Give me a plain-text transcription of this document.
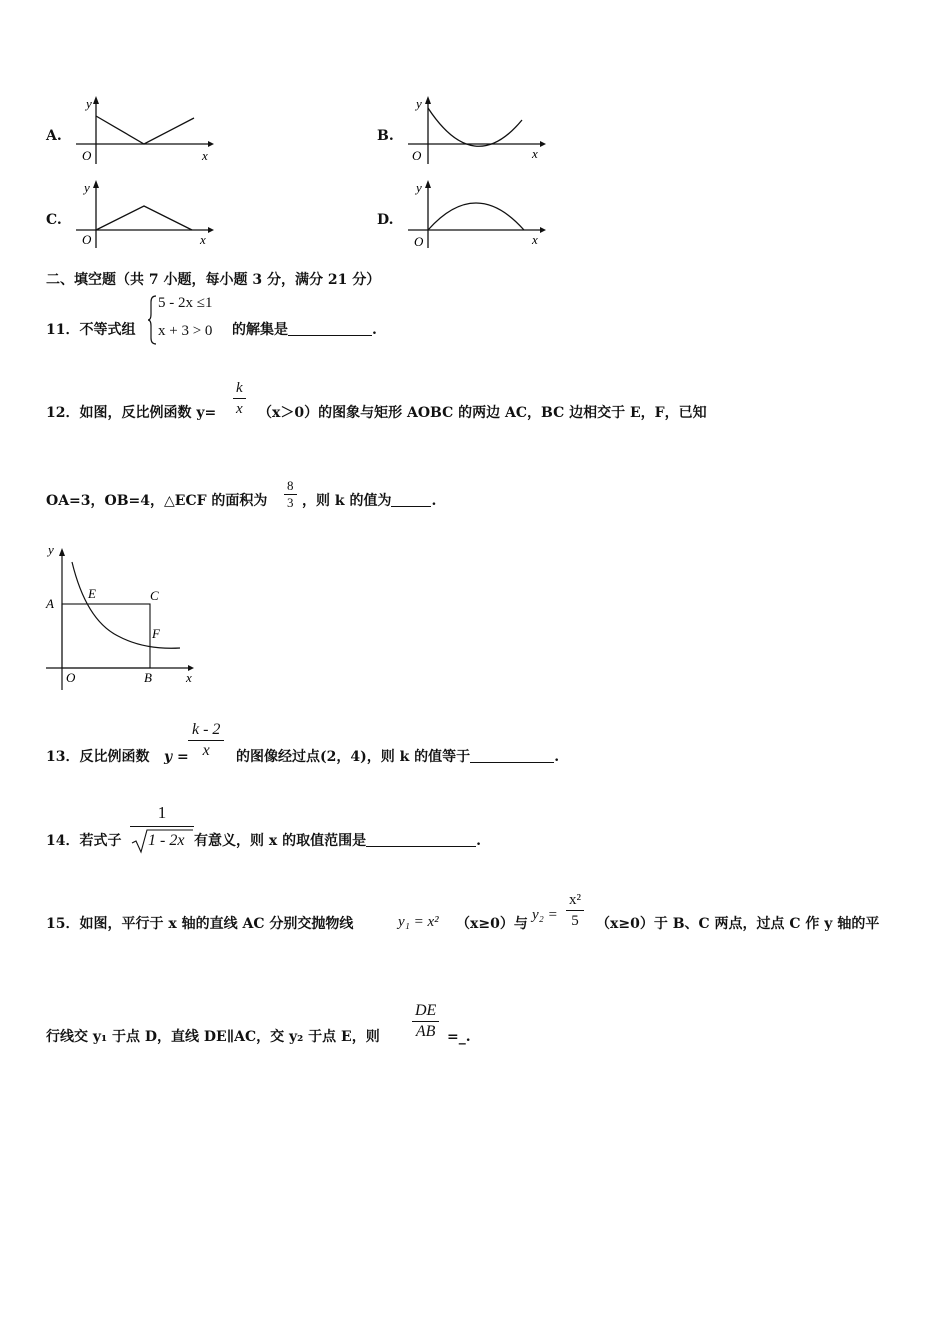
A.
y
O	x
B.
y
O	x
C.
y
O	x
D.
y
O	x
二、填空题（共 7 小题，每小题 3 分，满分 21 分）
11．不等式组
5 - 2x ≤1
x + 3 > 0 的解集是	.
12．如图，反比例函数 $y= \frac{k}{x} (x>0)$的图象与矩形 AOBC 的两边 AC，BC 边相交于 E，F，已知
OA=3，OB=4，△ECF 的面积为 $\frac{8}{3}$ ，则 k 的值为	.
y
x
A
E	C
F
O	B
13．反比例函数 $y = \frac{k - 2}{x}$ 的图像经过点(2，4)，则 k 的值等于	.
14．若式子
1
1 - 2x 有意义，则 x 的取值范围是	.
15．如图，平行于 x 轴的直线 AC 分别交抛物线	y₁ = x² （x≥0）与
$y_2 = \frac{\text{x²}}{5} (x\ge 0)$于 B、C 两点，过点 C 作 y 轴的平
行线交 y₁ 于点 D，直线 DE∥AC，交 y₂ 于点 E，则 $\frac{DE}{AB}$ =_.
